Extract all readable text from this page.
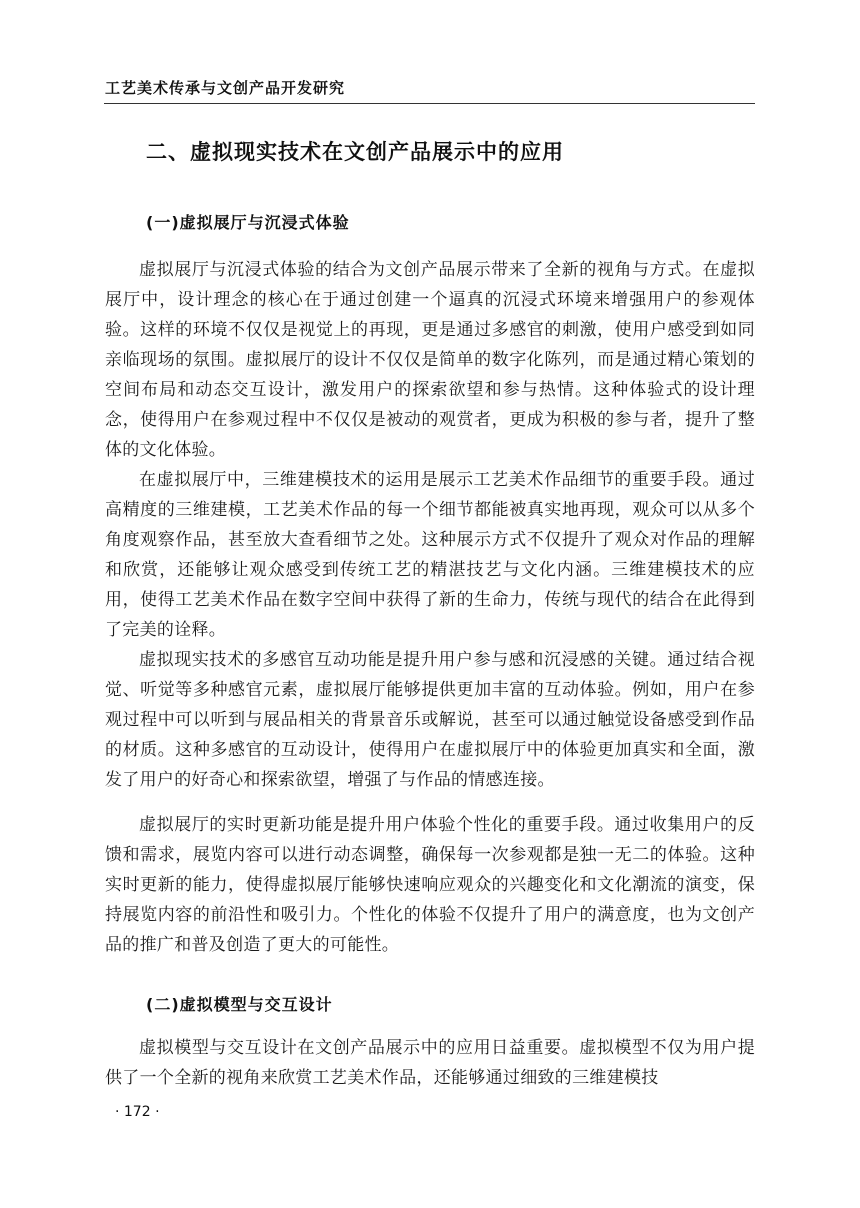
工艺美术传承与文创产品开发研究
二、虚拟现实技术在文创产品展示中的应用
(一)虚拟展厅与沉浸式体验

虚拟展厅与沉浸式体验的结合为文创产品展示带来了全新的视角与方式。在虚拟展厅中，设计理念的核心在于通过创建一个逼真的沉浸式环境来增强用户的参观体验。这样的环境不仅仅是视觉上的再现，更是通过多感官的刺激，使用户感受到如同亲临现场的氛围。虚拟展厅的设计不仅仅是简单的数字化陈列，而是通过精心策划的空间布局和动态交互设计，激发用户的探索欲望和参与热情。这种体验式的设计理念，使得用户在参观过程中不仅仅是被动的观赏者，更成为积极的参与者，提升了整体的文化体验。

在虚拟展厅中，三维建模技术的运用是展示工艺美术作品细节的重要手段。通过高精度的三维建模，工艺美术作品的每一个细节都能被真实地再现，观众可以从多个角度观察作品，甚至放大查看细节之处。这种展示方式不仅提升了观众对作品的理解和欣赏，还能够让观众感受到传统工艺的精湛技艺与文化内涵。三维建模技术的应用，使得工艺美术作品在数字空间中获得了新的生命力，传统与现代的结合在此得到了完美的诠释。

虚拟现实技术的多感官互动功能是提升用户参与感和沉浸感的关键。通过结合视觉、听觉等多种感官元素，虚拟展厅能够提供更加丰富的互动体验。例如，用户在参观过程中可以听到与展品相关的背景音乐或解说，甚至可以通过触觉设备感受到作品的材质。这种多感官的互动设计，使得用户在虚拟展厅中的体验更加真实和全面，激发了用户的好奇心和探索欲望，增强了与作品的情感连接。

虚拟展厅的实时更新功能是提升用户体验个性化的重要手段。通过收集用户的反馈和需求，展览内容可以进行动态调整，确保每一次参观都是独一无二的体验。这种实时更新的能力，使得虚拟展厅能够快速响应观众的兴趣变化和文化潮流的演变，保持展览内容的前沿性和吸引力。个性化的体验不仅提升了用户的满意度，也为文创产品的推广和普及创造了更大的可能性。

(二)虚拟模型与交互设计

虚拟模型与交互设计在文创产品展示中的应用日益重要。虚拟模型不仅为用户提供了一个全新的视角来欣赏工艺美术作品，还能够通过细致的三维建模技

· 172 ·
